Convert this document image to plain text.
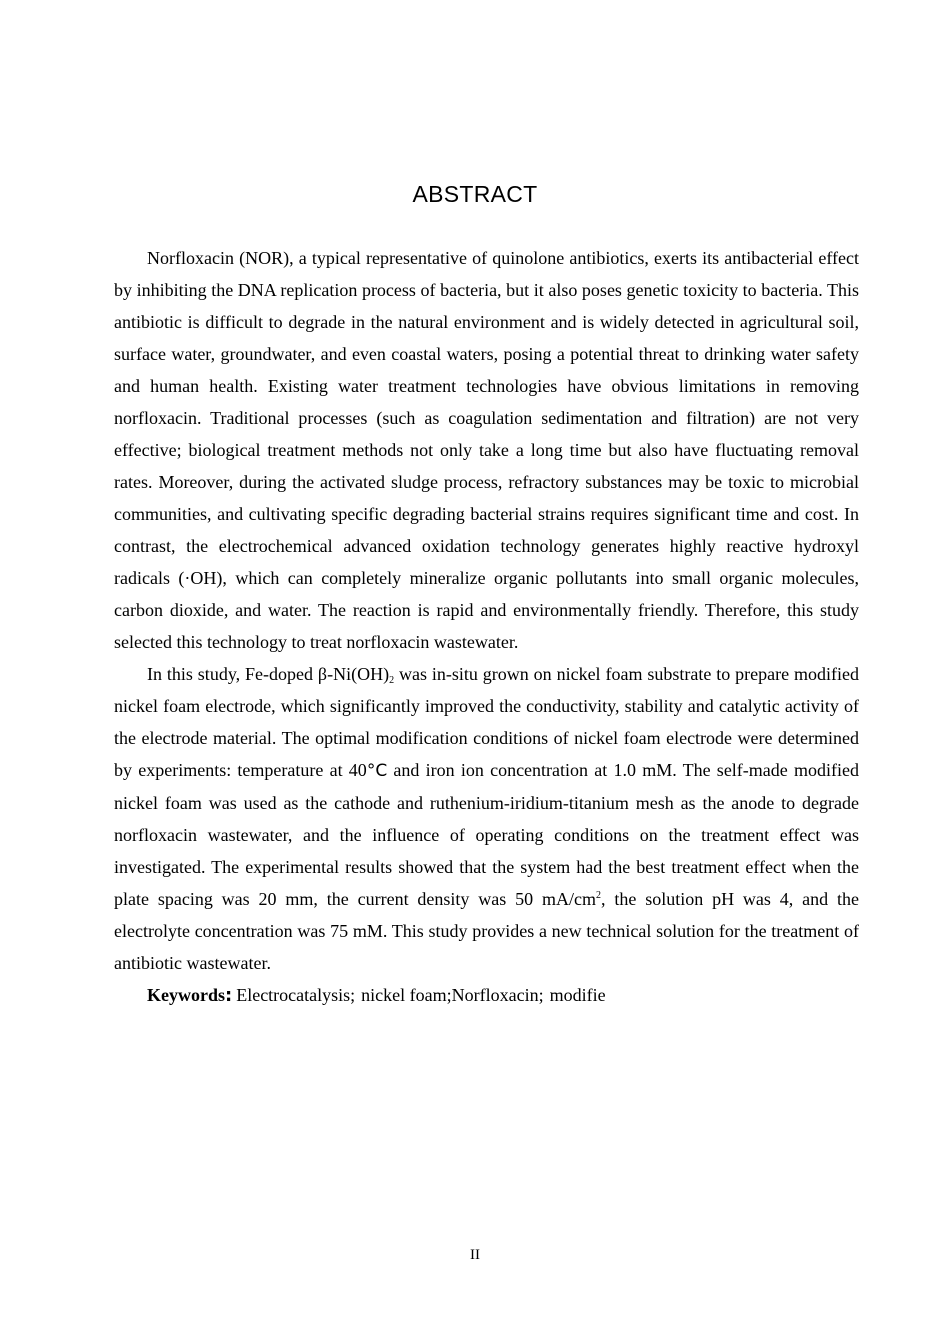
ABSTRACT

Norfloxacin (NOR), a typical representative of quinolone antibiotics, exerts its antibacterial effect by inhibiting the DNA replication process of bacteria, but it also poses genetic toxicity to bacteria. This antibiotic is difficult to degrade in the natural environment and is widely detected in agricultural soil, surface water, groundwater, and even coastal waters, posing a potential threat to drinking water safety and human health. Existing water treatment technologies have obvious limitations in removing norfloxacin. Traditional processes (such as coagulation sedimentation and filtration) are not very effective; biological treatment methods not only take a long time but also have fluctuating removal rates. Moreover, during the activated sludge process, refractory substances may be toxic to microbial communities, and cultivating specific degrading bacterial strains requires significant time and cost. In contrast, the electrochemical advanced oxidation technology generates highly reactive hydroxyl radicals (·OH), which can completely mineralize organic pollutants into small organic molecules, carbon dioxide, and water. The reaction is rapid and environmentally friendly. Therefore, this study selected this technology to treat norfloxacin wastewater.

In this study, Fe-doped $\beta-Ni(OH)_2$ was in-situ grown on nickel foam substrate to prepare modified nickel foam electrode, which significantly improved the conductivity, stability and catalytic activity of the electrode material. The optimal modification conditions of nickel foam electrode were determined by experiments: temperature at 40°C and iron ion concentration at 1.0 mM. The self-made modified nickel foam was used as the cathode and ruthenium-iridium-titanium mesh as the anode to degrade norfloxacin wastewater, and the influence of operating conditions on the treatment effect was investigated. The experimental results showed that the system had the best treatment effect when the plate spacing was 20 mm, the current density was 50 $mA/cm^2$, the solution pH was 4, and the electrolyte concentration was 75 mM. This study provides a new technical solution for the treatment of antibiotic wastewater.

Keywords: Electrocatalysis; nickel foam;Norfloxacin; modifie

II
